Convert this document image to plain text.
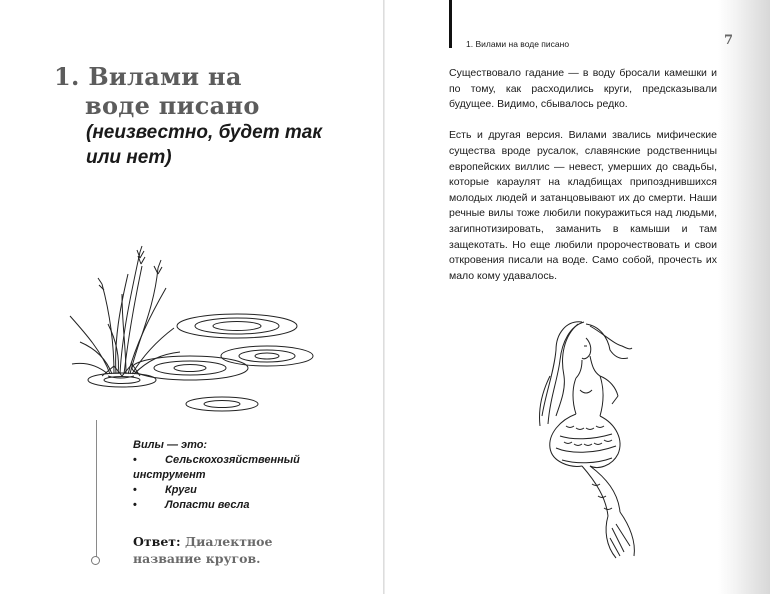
1. Вилами на
воде писано

(неизвестно, будет так или нет)

Вилы — это:
•	Сельскохозяйственный
инструмент
•	Круги
•	Лопасти весла
Ответ: Диалектное название кругов.
1. Вилами на воде писано	7

Существовало гадание — в воду бросали камешки и по тому, как расходились круги, предсказывали будущее. Видимо, сбывалось редко.

Есть и другая версия. Вилами звались мифические существа вроде русалок, славянские родственницы европейских виллис — невест, умерших до свадьбы, которые караулят на кладбищах припозднившихся молодых людей и затанцовывают их до смерти. Наши речные вилы тоже любили покуражиться над людьми, загипнотизировать, заманить в камыши и там защекотать. Но еще любили пророчествовать и свои откровения писали на воде. Само собой, прочесть их мало кому удавалось.
